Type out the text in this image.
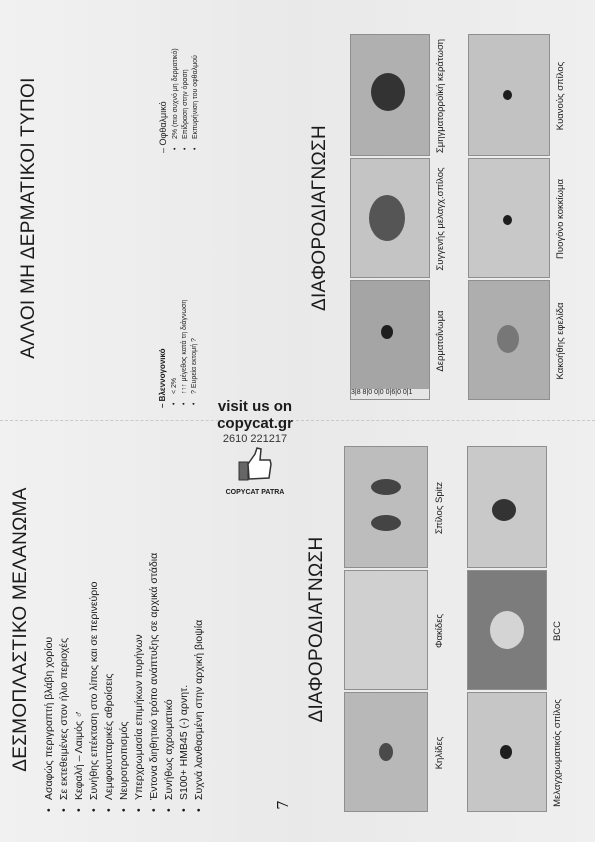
ΑΛΛΟΙ ΜΗ ΔΕΡΜΑΤΙΚΟΙ ΤΥΠΟΙ
– Βλεννογονικό • < 2% • ↑↑↑ μέγεθος κατά τη διάγνωση • ? Ευρεία εκτομή ?
– Οφθαλμικό • 2% (πιο συχνό μη δερματικό) • Επίδραση στην όραση • Εκπυρήνιση του οφθαλμού
ΔΙΑΦΟΡΟΔΙΑΓΝΩΣΗ
3|8 8|0 0|0 0|6|0 0|1
Δερματοΐνωμα
Συγγενής μελαγχ.σπίλος
Σμηγματορροϊκή κεράτωση
Κακοήθης εφελίδα
Πυογόνο κοκκίωμα
Κυανούς σπίλος
ΔΕΣΜΟΠΛΑΣΤΙΚΟ ΜΕΛΑΝΩΜΑ • Ασαφώς περιγραπτή βλάβη χορίου • Σε εκτεθειμένες στον ήλιο περιοχές • Κεφαλή – Λαιμός ♂ • Συνήθης επέκταση στο λίπος και σε περινεύριο • Λεμφοκυτταρικές αθροίσεις • Νευροτροπισμός • Υπερχρωμασία επιμήκων πυρήνων • Έντονα διηθητικό τρόπο ανάπτυξης σε αρχικά στάδια • Συνήθως αχρωματικό • S100+ HMB45 (-) αρνητ. • Συχνά λανθασμένη στην αρχική βιοψία	ΔΙΑΦΟΡΟΔΙΑΓΝΩΣΗ
Κηλίδες
Φακίδες
Σπίλος Spitz
Μελαγχρωματικός σπίλος
BCC
visit us on
copycat.gr
2610 221217
COPYCAT PATRA
7
